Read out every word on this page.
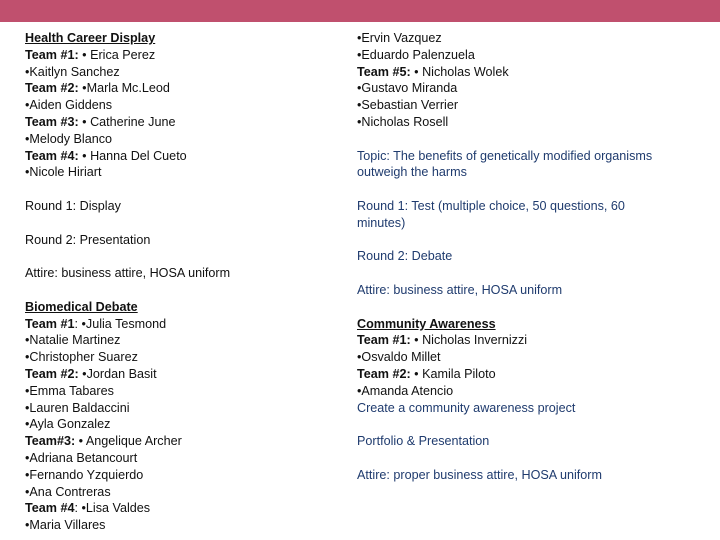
Health Career Display
Team #1: • Erica Perez
•Kaitlyn Sanchez
Team #2: •Marla Mc.Leod
•Aiden Giddens
Team #3: • Catherine June
•Melody Blanco
Team #4: • Hanna Del Cueto
•Nicole Hiriart
Round 1: Display
Round 2: Presentation
Attire: business attire, HOSA uniform
Biomedical Debate
Team #1: •Julia Tesmond
•Natalie Martinez
•Christopher Suarez
Team #2: •Jordan Basit
•Emma Tabares
•Lauren Baldaccini
•Ayla Gonzalez
Team#3: • Angelique Archer
•Adriana Betancourt
•Fernando Yzquierdo
•Ana Contreras
Team #4: •Lisa Valdes
•Maria Villares
•Ervin Vazquez
•Eduardo Palenzuela
Team #5: • Nicholas Wolek
•Gustavo Miranda
•Sebastian Verrier
•Nicholas Rosell
Topic: The benefits of genetically modified organisms
outweigh the harms
Round 1: Test (multiple choice, 50 questions, 60
minutes)
Round 2: Debate
Attire: business attire, HOSA uniform
Community Awareness
Team #1: • Nicholas Invernizzi
•Osvaldo Millet
Team #2: • Kamila Piloto
•Amanda Atencio
Create a community awareness project
Portfolio & Presentation
Attire: proper business attire, HOSA uniform
